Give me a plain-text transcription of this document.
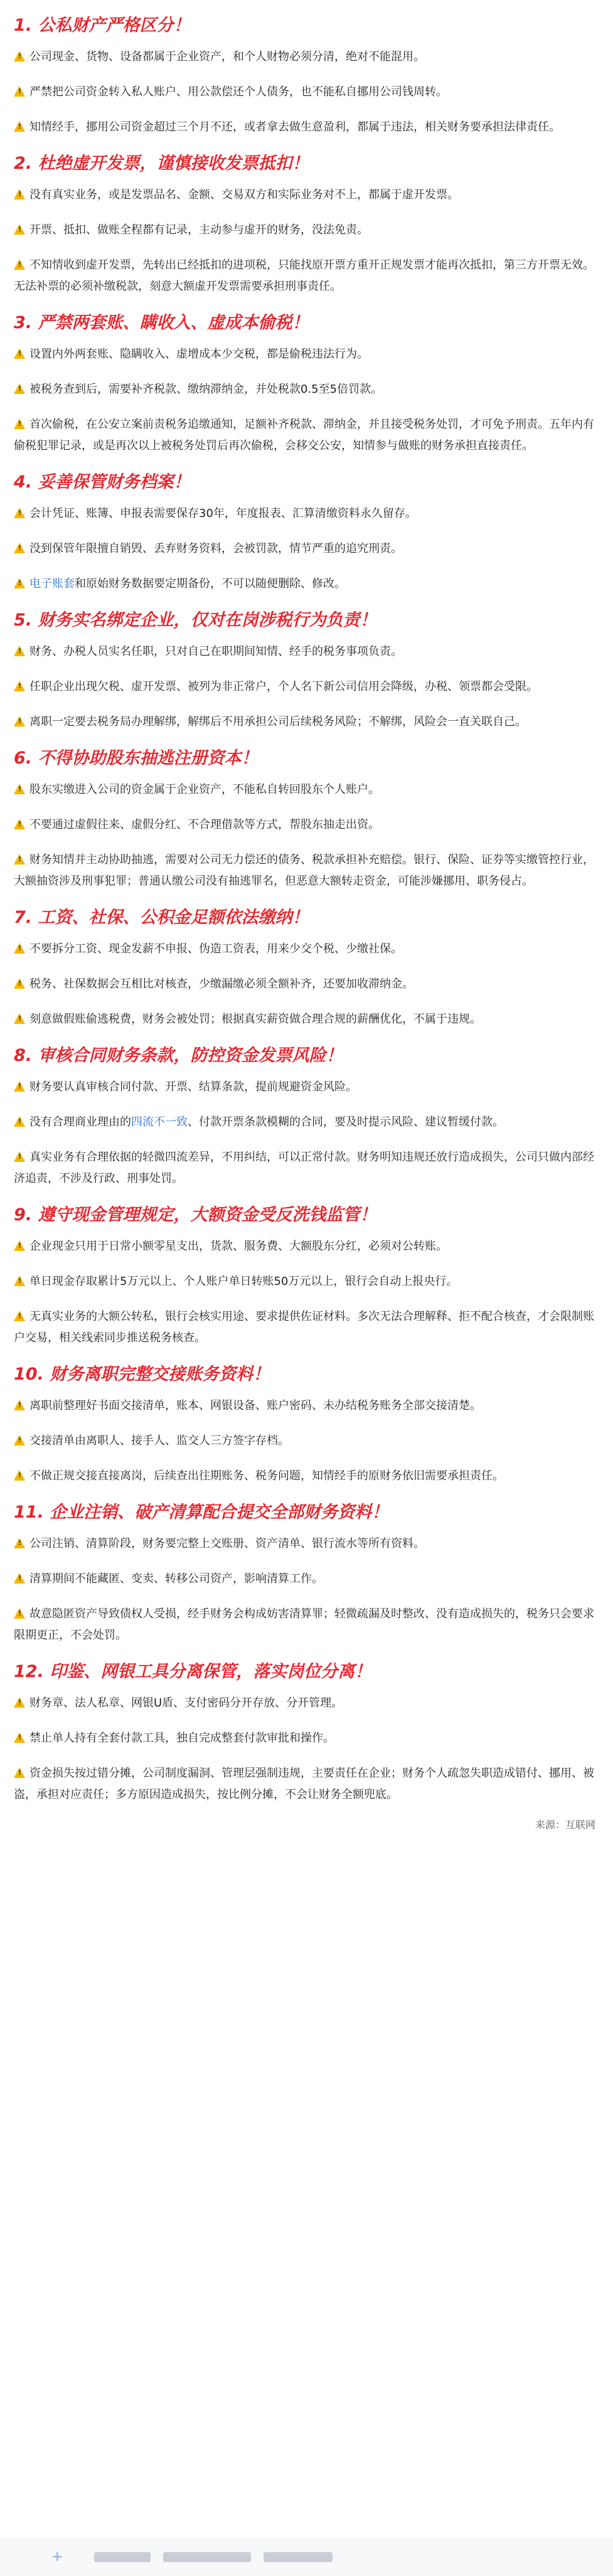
1. 公私财产严格区分！
!公司现金、货物、设备都属于企业资产，和个人财物必须分清，绝对不能混用。
!严禁把公司资金转入私人账户、用公款偿还个人债务，也不能私自挪用公司钱周转。
!知情经手，挪用公司资金超过三个月不还，或者拿去做生意盈利，都属于违法，相关财务要承担法律责任。
2. 杜绝虚开发票，谨慎接收发票抵扣！
!没有真实业务，或是发票品名、金额、交易双方和实际业务对不上，都属于虚开发票。
!开票、抵扣、做账全程都有记录，主动参与虚开的财务，没法免责。
!不知情收到虚开发票，先转出已经抵扣的进项税，只能找原开票方重开正规发票才能再次抵扣，第三方开票无效。无法补票的必须补缴税款，刻意大额虚开发票需要承担刑事责任。
3. 严禁两套账、瞒收入、虚成本偷税！
!设置内外两套账、隐瞒收入、虚增成本少交税，都是偷税违法行为。
!被税务查到后，需要补齐税款、缴纳滞纳金，并处税款0.5至5倍罚款。
!首次偷税，在公安立案前责税务追缴通知，足额补齐税款、滞纳金，并且接受税务处罚，才可免予刑责。五年内有偷税犯罪记录，或是再次以上被税务处罚后再次偷税，会移交公安，知情参与做账的财务承担直接责任。
4. 妥善保管财务档案！
!会计凭证、账簿、申报表需要保存30年，年度报表、汇算清缴资料永久留存。
!没到保管年限擅自销毁、丢弃财务资料，会被罚款，情节严重的追究刑责。
!电子账套和原始财务数据要定期备份，不可以随便删除、修改。
5. 财务实名绑定企业，仅对在岗涉税行为负责！
!财务、办税人员实名任职，只对自己在职期间知情、经手的税务事项负责。
!任职企业出现欠税、虚开发票、被列为非正常户，个人名下新公司信用会降级，办税、领票都会受限。
!离职一定要去税务局办理解绑，解绑后不用承担公司后续税务风险；不解绑，风险会一直关联自己。
6. 不得协助股东抽逃注册资本！
!股东实缴进入公司的资金属于企业资产，不能私自转回股东个人账户。
!不要通过虚假往来、虚假分红、不合理借款等方式，帮股东抽走出资。
!财务知情并主动协助抽逃，需要对公司无力偿还的债务、税款承担补充赔偿。银行、保险、证券等实缴管控行业，大额抽资涉及刑事犯罪；普通认缴公司没有抽逃罪名，但恶意大额转走资金，可能涉嫌挪用、职务侵占。
7. 工资、社保、公积金足额依法缴纳！
!不要拆分工资、现金发薪不申报、伪造工资表，用来少交个税、少缴社保。
!税务、社保数据会互相比对核查，少缴漏缴必须全额补齐，还要加收滞纳金。
!刻意做假账偷逃税费，财务会被处罚；根据真实薪资做合理合规的薪酬优化，不属于违规。
8. 审核合同财务条款，防控资金发票风险！
!财务要认真审核合同付款、开票、结算条款，提前规避资金风险。
!没有合理商业理由的四流不一致、付款开票条款模糊的合同，要及时提示风险、建议暂缓付款。
!真实业务有合理依据的轻微四流差异，不用纠结，可以正常付款。财务明知违规还放行造成损失，公司只做内部经济追责，不涉及行政、刑事处罚。
9. 遵守现金管理规定，大额资金受反洗钱监管！
!企业现金只用于日常小额零星支出，货款、服务费、大额股东分红，必须对公转账。
!单日现金存取累计5万元以上、个人账户单日转账50万元以上，银行会自动上报央行。
!无真实业务的大额公转私，银行会核实用途、要求提供佐证材料。多次无法合理解释、拒不配合核查，才会限制账户交易，相关线索同步推送税务核查。
10. 财务离职完整交接账务资料！
!离职前整理好书面交接清单，账本、网银设备、账户密码、未办结税务账务全部交接清楚。
!交接清单由离职人、接手人、监交人三方签字存档。
!不做正规交接直接离岗，后续查出往期账务、税务问题，知情经手的原财务依旧需要承担责任。
11. 企业注销、破产清算配合提交全部财务资料！
!公司注销、清算阶段，财务要完整上交账册、资产清单、银行流水等所有资料。
!清算期间不能藏匿、变卖、转移公司资产，影响清算工作。
!故意隐匿资产导致债权人受损，经手财务会构成妨害清算罪；轻微疏漏及时整改、没有造成损失的，税务只会要求限期更正，不会处罚。
12. 印鉴、网银工具分离保管，落实岗位分离！
!财务章、法人私章、网银U盾、支付密码分开存放、分开管理。
!禁止单人持有全套付款工具，独自完成整套付款审批和操作。
!资金损失按过错分摊，公司制度漏洞、管理层强制违规，主要责任在企业；财务个人疏忽失职造成错付、挪用、被盗，承担对应责任；多方原因造成损失，按比例分摊，不会让财务全额兜底。
来源：互联网
+
